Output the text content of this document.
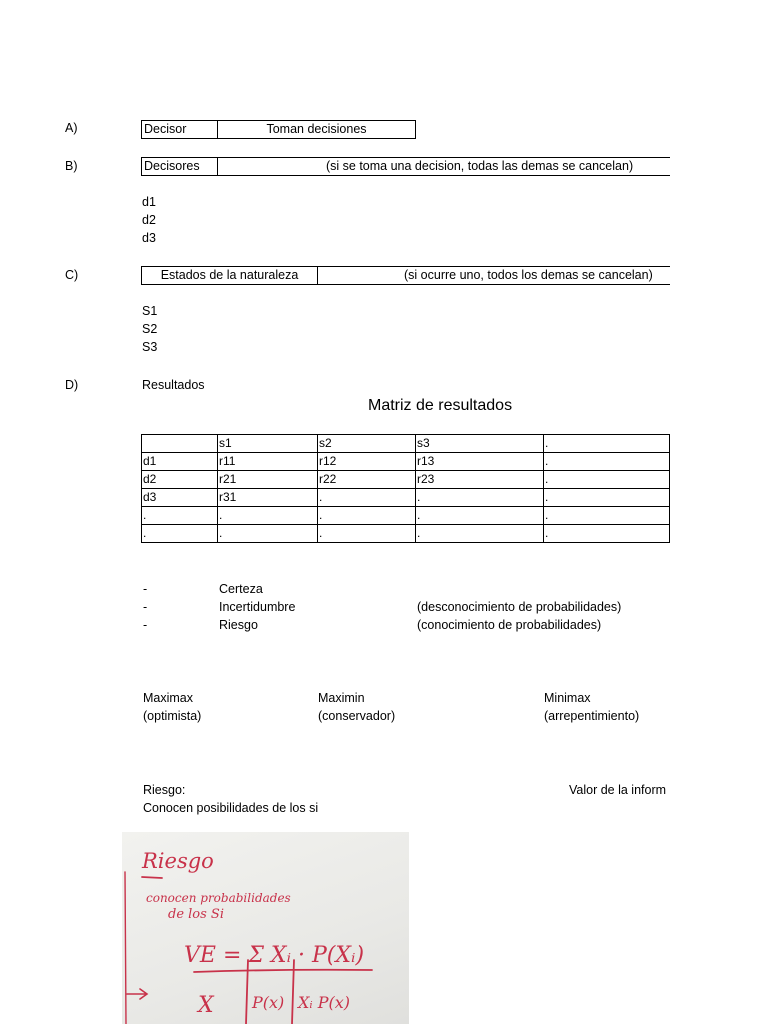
A)	Decisor	Toman decisiones
B)	Decisores	(si se toma una decision, todas las demas se cancelan)
d1
d2
d3
C)	Estados de la naturaleza	(si ocurre uno, todos los demas se cancelan)
S1
S2
S3
D)	Resultados
Matriz de resultados
	s1	s2	s3	.
d1	r11	r12	r13	.
d2	r21	r22	r23	.
d3	r31	.	.	.
.	.	.	.	.
.	.	.	.	.
-	Certeza
-	Incertidumbre	(desconocimiento de probabilidades)
-	Riesgo	(conocimiento de probabilidades)
Maximax
(optimista)
Maximin
(conservador)
Minimax
(arrepentimiento)
Riesgo:
Conocen posibilidades de los si
Valor de la inform
Riesgo
conocen probabilidades
de los Si
VE = Σ Xᵢ · P(Xᵢ)
X P(x) Xᵢ P(x)
